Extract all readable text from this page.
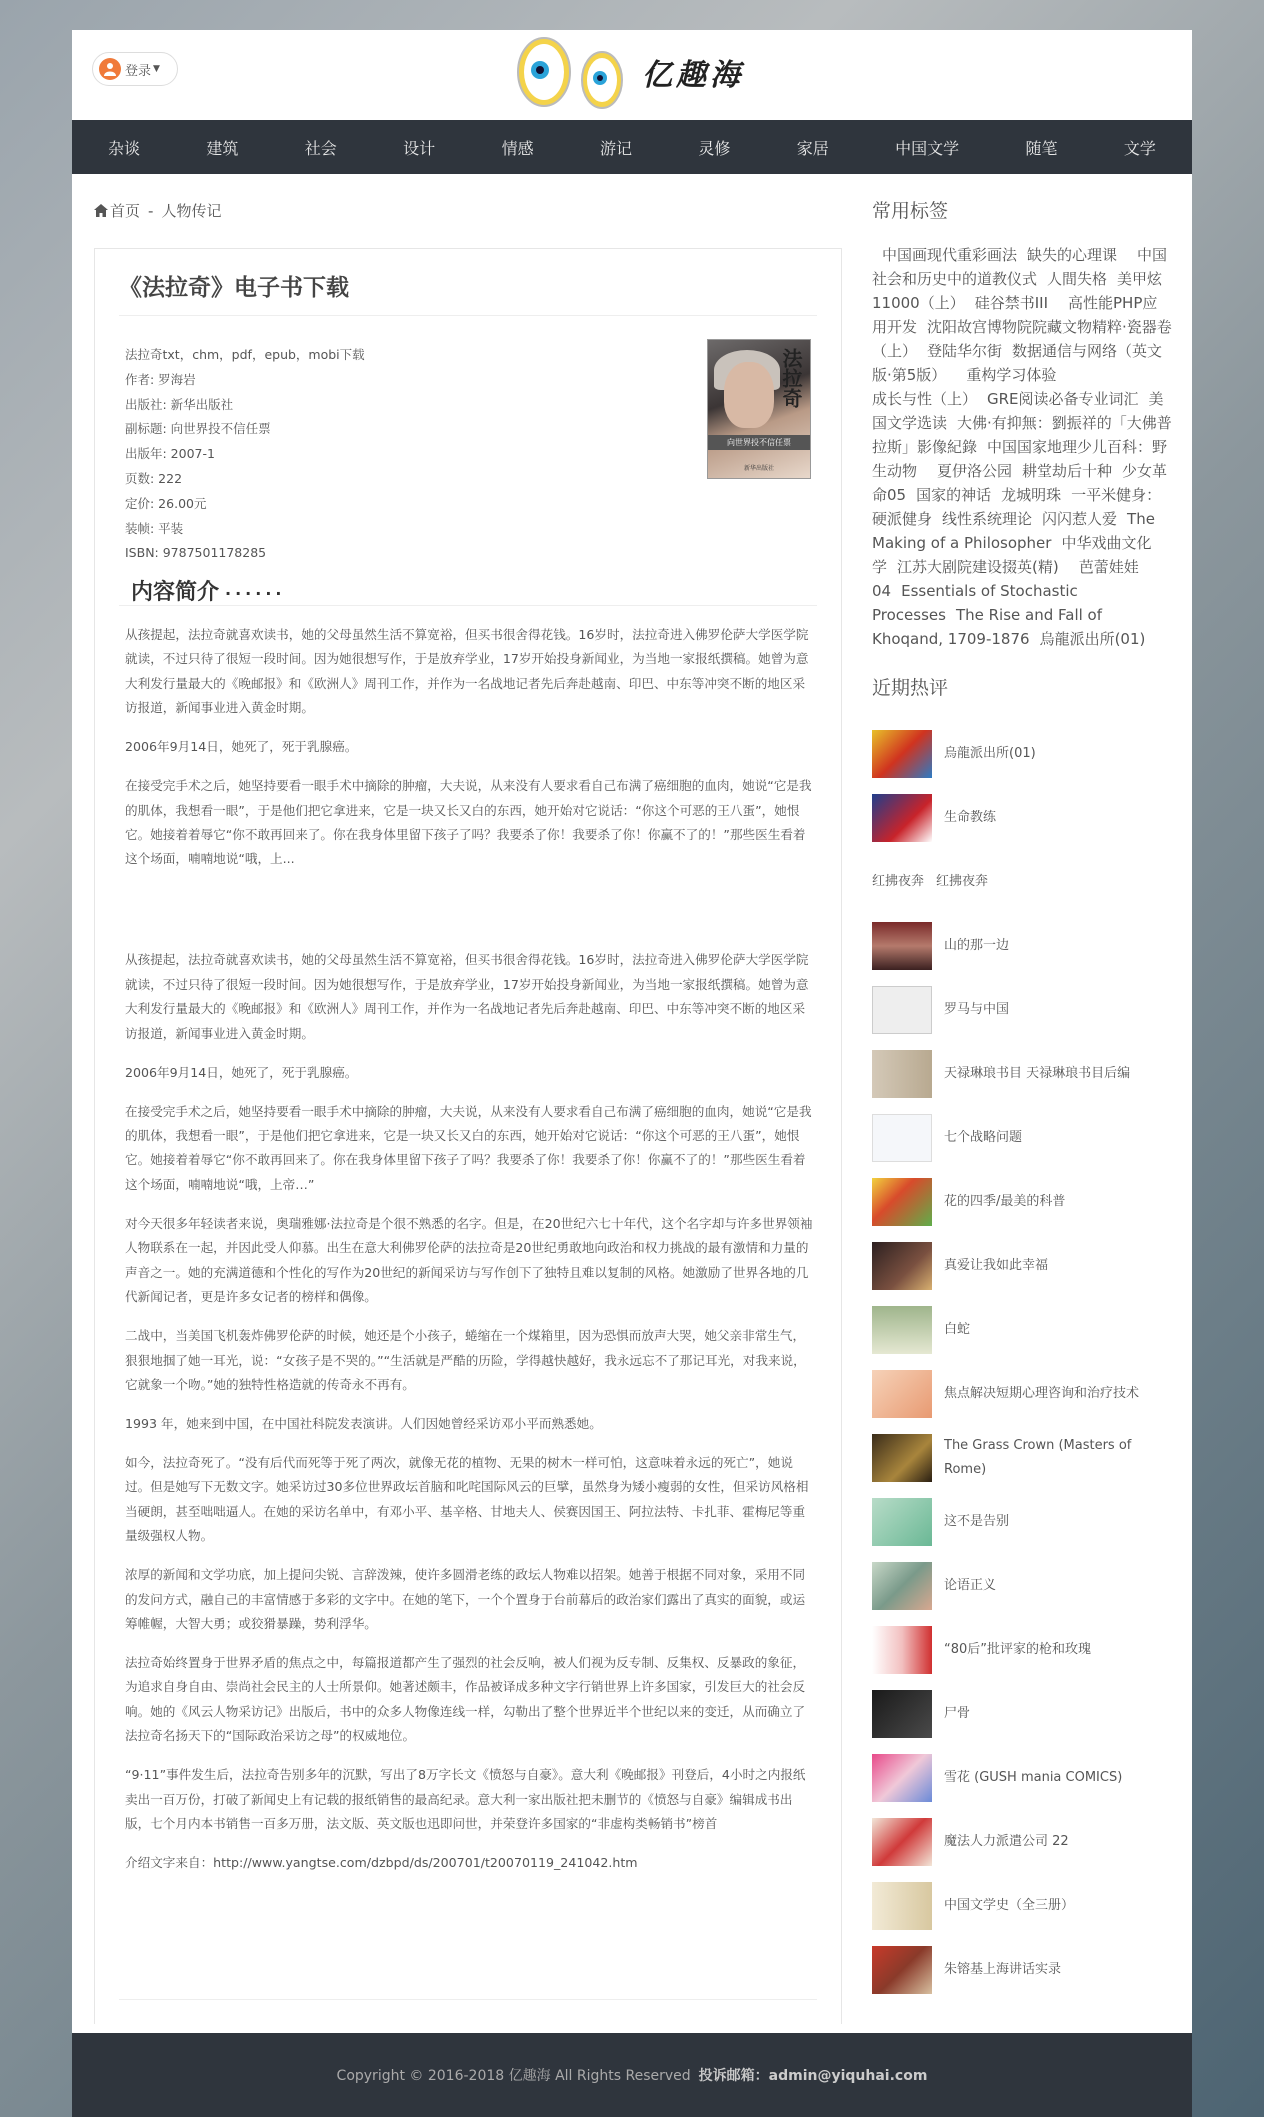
登录 ▼	亿趣海
杂谈	建筑	社会	设计	情感	游记	灵修	家居	中国文学	随笔	文学
首页 - 人物传记
《法拉奇》电子书下载
法拉奇txt，chm，pdf，epub，mobi下载
作者: 罗海岩
出版社: 新华出版社
副标题: 向世界投不信任票
出版年: 2007-1
页数: 222
定价: 26.00元
装帧: 平装
ISBN: 9787501178285
法拉奇
向世界投不信任票
新华出版社
内容简介 ······

从孩提起，法拉奇就喜欢读书，她的父母虽然生活不算宽裕，但买书很舍得花钱。16岁时，法拉奇进入佛罗伦萨大学医学院就读，不过只待了很短一段时间。因为她很想写作，于是放弃学业，17岁开始投身新闻业，为当地一家报纸撰稿。她曾为意大利发行量最大的《晚邮报》和《欧洲人》周刊工作，并作为一名战地记者先后奔赴越南、印巴、中东等冲突不断的地区采访报道，新闻事业进入黄金时期。

2006年9月14日，她死了，死于乳腺癌。

在接受完手术之后，她坚持要看一眼手术中摘除的肿瘤，大夫说，从来没有人要求看自己布满了癌细胞的血肉，她说“它是我的肌体，我想看一眼”，于是他们把它拿进来，它是一块又长又白的东西，她开始对它说话：“你这个可恶的王八蛋”，她恨它。她接着着辱它“你不敢再回来了。你在我身体里留下孩子了吗？我要杀了你！我要杀了你！你赢不了的！”那些医生看着这个场面，喃喃地说“哦，上...

从孩提起，法拉奇就喜欢读书，她的父母虽然生活不算宽裕，但买书很舍得花钱。16岁时，法拉奇进入佛罗伦萨大学医学院就读，不过只待了很短一段时间。因为她很想写作，于是放弃学业，17岁开始投身新闻业，为当地一家报纸撰稿。她曾为意大利发行量最大的《晚邮报》和《欧洲人》周刊工作，并作为一名战地记者先后奔赴越南、印巴、中东等冲突不断的地区采访报道，新闻事业进入黄金时期。

2006年9月14日，她死了，死于乳腺癌。

在接受完手术之后，她坚持要看一眼手术中摘除的肿瘤，大夫说，从来没有人要求看自己布满了癌细胞的血肉，她说“它是我的肌体，我想看一眼”，于是他们把它拿进来，它是一块又长又白的东西，她开始对它说话：“你这个可恶的王八蛋”，她恨它。她接着着辱它“你不敢再回来了。你在我身体里留下孩子了吗？我要杀了你！我要杀了你！你赢不了的！”那些医生看着这个场面，喃喃地说“哦，上帝…”

对今天很多年轻读者来说，奥瑞雅娜·法拉奇是个很不熟悉的名字。但是，在20世纪六七十年代，这个名字却与许多世界领袖人物联系在一起，并因此受人仰慕。出生在意大利佛罗伦萨的法拉奇是20世纪勇敢地向政治和权力挑战的最有激情和力量的声音之一。她的充满道德和个性化的写作为20世纪的新闻采访与写作创下了独特且难以复制的风格。她激励了世界各地的几代新闻记者，更是许多女记者的榜样和偶像。

二战中，当美国飞机轰炸佛罗伦萨的时候，她还是个小孩子，蜷缩在一个煤箱里，因为恐惧而放声大哭，她父亲非常生气，狠狠地掴了她一耳光，说：“女孩子是不哭的。”“生活就是严酷的历险，学得越快越好，我永远忘不了那记耳光，对我来说，它就象一个吻。”她的独特性格造就的传奇永不再有。

1993 年，她来到中国，在中国社科院发表演讲。人们因她曾经采访邓小平而熟悉她。

如今，法拉奇死了。“没有后代而死等于死了两次，就像无花的植物、无果的树木一样可怕，这意味着永远的死亡”，她说过。但是她写下无数文字。她采访过30多位世界政坛首脑和叱咤国际风云的巨擘，虽然身为矮小瘦弱的女性，但采访风格相当硬朗，甚至咄咄逼人。在她的采访名单中，有邓小平、基辛格、甘地夫人、侯赛因国王、阿拉法特、卡扎菲、霍梅尼等重量级强权人物。

浓厚的新闻和文学功底，加上提问尖锐、言辞泼辣，使许多圆滑老练的政坛人物难以招架。她善于根据不同对象，采用不同的发问方式，融自己的丰富情感于多彩的文字中。在她的笔下，一个个置身于台前幕后的政治家们露出了真实的面貌，或运筹帷幄，大智大勇；或狡猾暴躁，势利浮华。

法拉奇始终置身于世界矛盾的焦点之中，每篇报道都产生了强烈的社会反响，被人们视为反专制、反集权、反暴政的象征，为追求自身自由、崇尚社会民主的人士所景仰。她著述颇丰，作品被译成多种文字行销世界上许多国家，引发巨大的社会反响。她的《风云人物采访记》出版后，书中的众多人物像连线一样，勾勒出了整个世界近半个世纪以来的变迁，从而确立了法拉奇名扬天下的“国际政治采访之母”的权威地位。

“9·11”事件发生后，法拉奇告别多年的沉默，写出了8万字长文《愤怒与自豪》。意大利《晚邮报》刊登后，4小时之内报纸卖出一百万份，打破了新闻史上有记载的报纸销售的最高纪录。意大利一家出版社把未删节的《愤怒与自豪》编辑成书出版，七个月内本书销售一百多万册，法文版、英文版也迅即问世，并荣登许多国家的“非虚构类畅销书”榜首

介绍文字来自：http://www.yangtse.com/dzbpd/ds/200701/t20070119_241042.htm

常用标签
中国画现代重彩画法 缺失的心理课 中国社会和历史中的道教仪式 人間失格 美甲炫11000（上） 硅谷禁书III 高性能PHP应用开发 沈阳故宫博物院院藏文物精粹·瓷器卷（上） 登陆华尔街 数据通信与网络（英文版·第5版） 重构学习体验成长与性（上） GRE阅读必备专业词汇 美国文学选读 大佛·有抑無：劉振祥的「大佛普拉斯」影像紀錄 中国国家地理少儿百科：野生动物 夏伊洛公园 耕堂劫后十种 少女革命05 国家的神话 龙城明珠 一平米健身：硬派健身 线性系统理论 闪闪惹人爱 The Making of a Philosopher 中华戏曲文化学 江苏大剧院建设掇英(精) 芭蕾娃娃 04 Essentials of Stochastic Processes The Rise and Fall of Khoqand, 1709-1876 烏龍派出所(01)
近期热评
烏龍派出所(01)
生命教练
红拂夜奔 红拂夜奔
山的那一边
罗马与中国
天禄琳琅书目 天禄琳琅书目后编
七个战略问题
花的四季/最美的科普
真爱让我如此幸福
白蛇
焦点解决短期心理咨询和治疗技术
The Grass Crown (Masters of Rome)
这不是告别
论语正义
“80后”批评家的枪和玫瑰
尸骨
雪花 (GUSH mania COMICS)
魔法人力派遣公司 22
中国文学史（全三册）
朱镕基上海讲话实录
Copyright © 2016-2018 亿趣海 All Rights Reserved 投诉邮箱：admin@yiquhai.com
